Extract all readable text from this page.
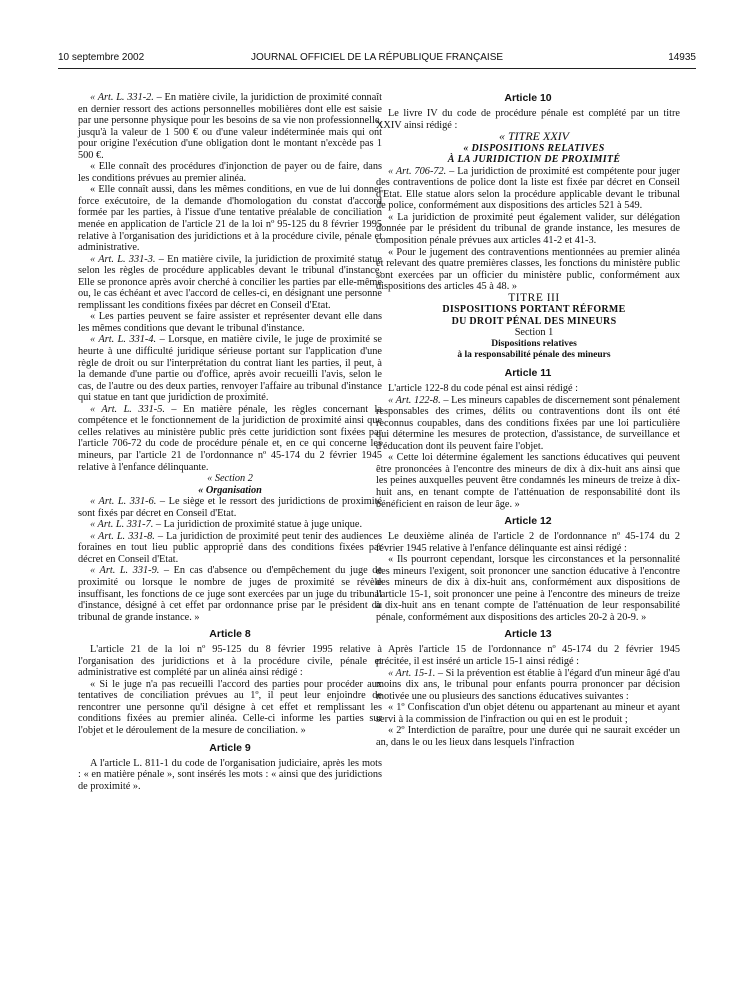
10 septembre 2002	JOURNAL OFFICIEL DE LA RÉPUBLIQUE FRANÇAISE	14935

« Art. L. 331-2. – En matière civile, la juridiction de proximité connaît en dernier ressort des actions personnelles mobilières dont elle est saisie par une personne physique pour les besoins de sa vie non professionnelle, jusqu'à la valeur de 1 500 € ou d'une valeur indéterminée mais qui ont pour origine l'exécution d'une obligation dont le montant n'excède pas 1 500 €.

« Elle connaît des procédures d'injonction de payer ou de faire, dans les conditions prévues au premier alinéa.

« Elle connaît aussi, dans les mêmes conditions, en vue de lui donner force exécutoire, de la demande d'homologation du constat d'accord formée par les parties, à l'issue d'une tentative préalable de conciliation menée en application de l'article 21 de la loi nº 95-125 du 8 février 1995 relative à l'organisation des juridictions et à la procédure civile, pénale et administrative.

« Art. L. 331-3. – En matière civile, la juridiction de proximité statue selon les règles de procédure applicables devant le tribunal d'instance. Elle se prononce après avoir cherché à concilier les parties par elle-même ou, le cas échéant et avec l'accord de celles-ci, en désignant une personne remplissant les conditions fixées par décret en Conseil d'Etat.

« Les parties peuvent se faire assister et représenter devant elle dans les mêmes conditions que devant le tribunal d'instance.

« Art. L. 331-4. – Lorsque, en matière civile, le juge de proximité se heurte à une difficulté juridique sérieuse portant sur l'application d'une règle de droit ou sur l'interprétation du contrat liant les parties, il peut, à la demande d'une partie ou d'office, après avoir recueilli l'avis, selon le cas, de l'autre ou des deux parties, renvoyer l'affaire au tribunal d'instance qui statue en tant que juridiction de proximité.

« Art. L. 331-5. – En matière pénale, les règles concernant la compétence et le fonctionnement de la juridiction de proximité ainsi que celles relatives au ministère public près cette juridiction sont fixées par l'article 706-72 du code de procédure pénale et, en ce qui concerne les mineurs, par l'article 21 de l'ordonnance nº 45-174 du 2 février 1945 relative à l'enfance délinquante.

« Section 2

« Organisation

« Art. L. 331-6. – Le siège et le ressort des juridictions de proximité sont fixés par décret en Conseil d'Etat.

« Art. L. 331-7. – La juridiction de proximité statue à juge unique.

« Art. L. 331-8. – La juridiction de proximité peut tenir des audiences foraines en tout lieu public approprié dans des conditions fixées par décret en Conseil d'Etat.

« Art. L. 331-9. – En cas d'absence ou d'empêchement du juge de proximité ou lorsque le nombre de juges de proximité se révèle insuffisant, les fonctions de ce juge sont exercées par un juge du tribunal d'instance, désigné à cet effet par ordonnance prise par le président du tribunal de grande instance. »

Article 8

L'article 21 de la loi nº 95-125 du 8 février 1995 relative à l'organisation des juridictions et à la procédure civile, pénale et administrative est complété par un alinéa ainsi rédigé :

« Si le juge n'a pas recueilli l'accord des parties pour procéder aux tentatives de conciliation prévues au 1º, il peut leur enjoindre de rencontrer une personne qu'il désigne à cet effet et remplissant les conditions fixées au premier alinéa. Celle-ci informe les parties sur l'objet et le déroulement de la mesure de conciliation. »

Article 9

A l'article L. 811-1 du code de l'organisation judiciaire, après les mots : « en matière pénale », sont insérés les mots : « ainsi que des juridictions de proximité ».

Article 10

Le livre IV du code de procédure pénale est complété par un titre XXIV ainsi rédigé :

« TITRE XXIV

« DISPOSITIONS RELATIVES

À LA JURIDICTION DE PROXIMITÉ

« Art. 706-72. – La juridiction de proximité est compétente pour juger des contraventions de police dont la liste est fixée par décret en Conseil d'Etat. Elle statue alors selon la procédure applicable devant le tribunal de police, conformément aux dispositions des articles 521 à 549.

« La juridiction de proximité peut également valider, sur délégation donnée par le président du tribunal de grande instance, les mesures de composition pénale prévues aux articles 41-2 et 41-3.

« Pour le jugement des contraventions mentionnées au premier alinéa et relevant des quatre premières classes, les fonctions du ministère public sont exercées par un officier du ministère public, conformément aux dispositions des articles 45 à 48. »

TITRE III

DISPOSITIONS PORTANT RÉFORME

DU DROIT PÉNAL DES MINEURS

Section 1

Dispositions relatives

à la responsabilité pénale des mineurs

Article 11

L'article 122-8 du code pénal est ainsi rédigé :

« Art. 122-8. – Les mineurs capables de discernement sont pénalement responsables des crimes, délits ou contraventions dont ils ont été reconnus coupables, dans des conditions fixées par une loi particulière qui détermine les mesures de protection, d'assistance, de surveillance et d'éducation dont ils peuvent faire l'objet.

« Cette loi détermine également les sanctions éducatives qui peuvent être prononcées à l'encontre des mineurs de dix à dix-huit ans ainsi que les peines auxquelles peuvent être condamnés les mineurs de treize à dix-huit ans, en tenant compte de l'atténuation de responsabilité dont ils bénéficient en raison de leur âge. »

Article 12

Le deuxième alinéa de l'article 2 de l'ordonnance nº 45-174 du 2 février 1945 relative à l'enfance délinquante est ainsi rédigé :

« Ils pourront cependant, lorsque les circonstances et la personnalité des mineurs l'exigent, soit prononcer une sanction éducative à l'encontre des mineurs de dix à dix-huit ans, conformément aux dispositions de l'article 15-1, soit prononcer une peine à l'encontre des mineurs de treize à dix-huit ans en tenant compte de l'atténuation de leur responsabilité pénale, conformément aux dispositions des articles 20-2 à 20-9. »

Article 13

Après l'article 15 de l'ordonnance nº 45-174 du 2 février 1945 précitée, il est inséré un article 15-1 ainsi rédigé :

« Art. 15-1. – Si la prévention est établie à l'égard d'un mineur âgé d'au moins dix ans, le tribunal pour enfants pourra prononcer par décision motivée une ou plusieurs des sanctions éducatives suivantes :

« 1º Confiscation d'un objet détenu ou appartenant au mineur et ayant servi à la commission de l'infraction ou qui en est le produit ;

« 2º Interdiction de paraître, pour une durée qui ne saurait excéder un an, dans le ou les lieux dans lesquels l'infraction
